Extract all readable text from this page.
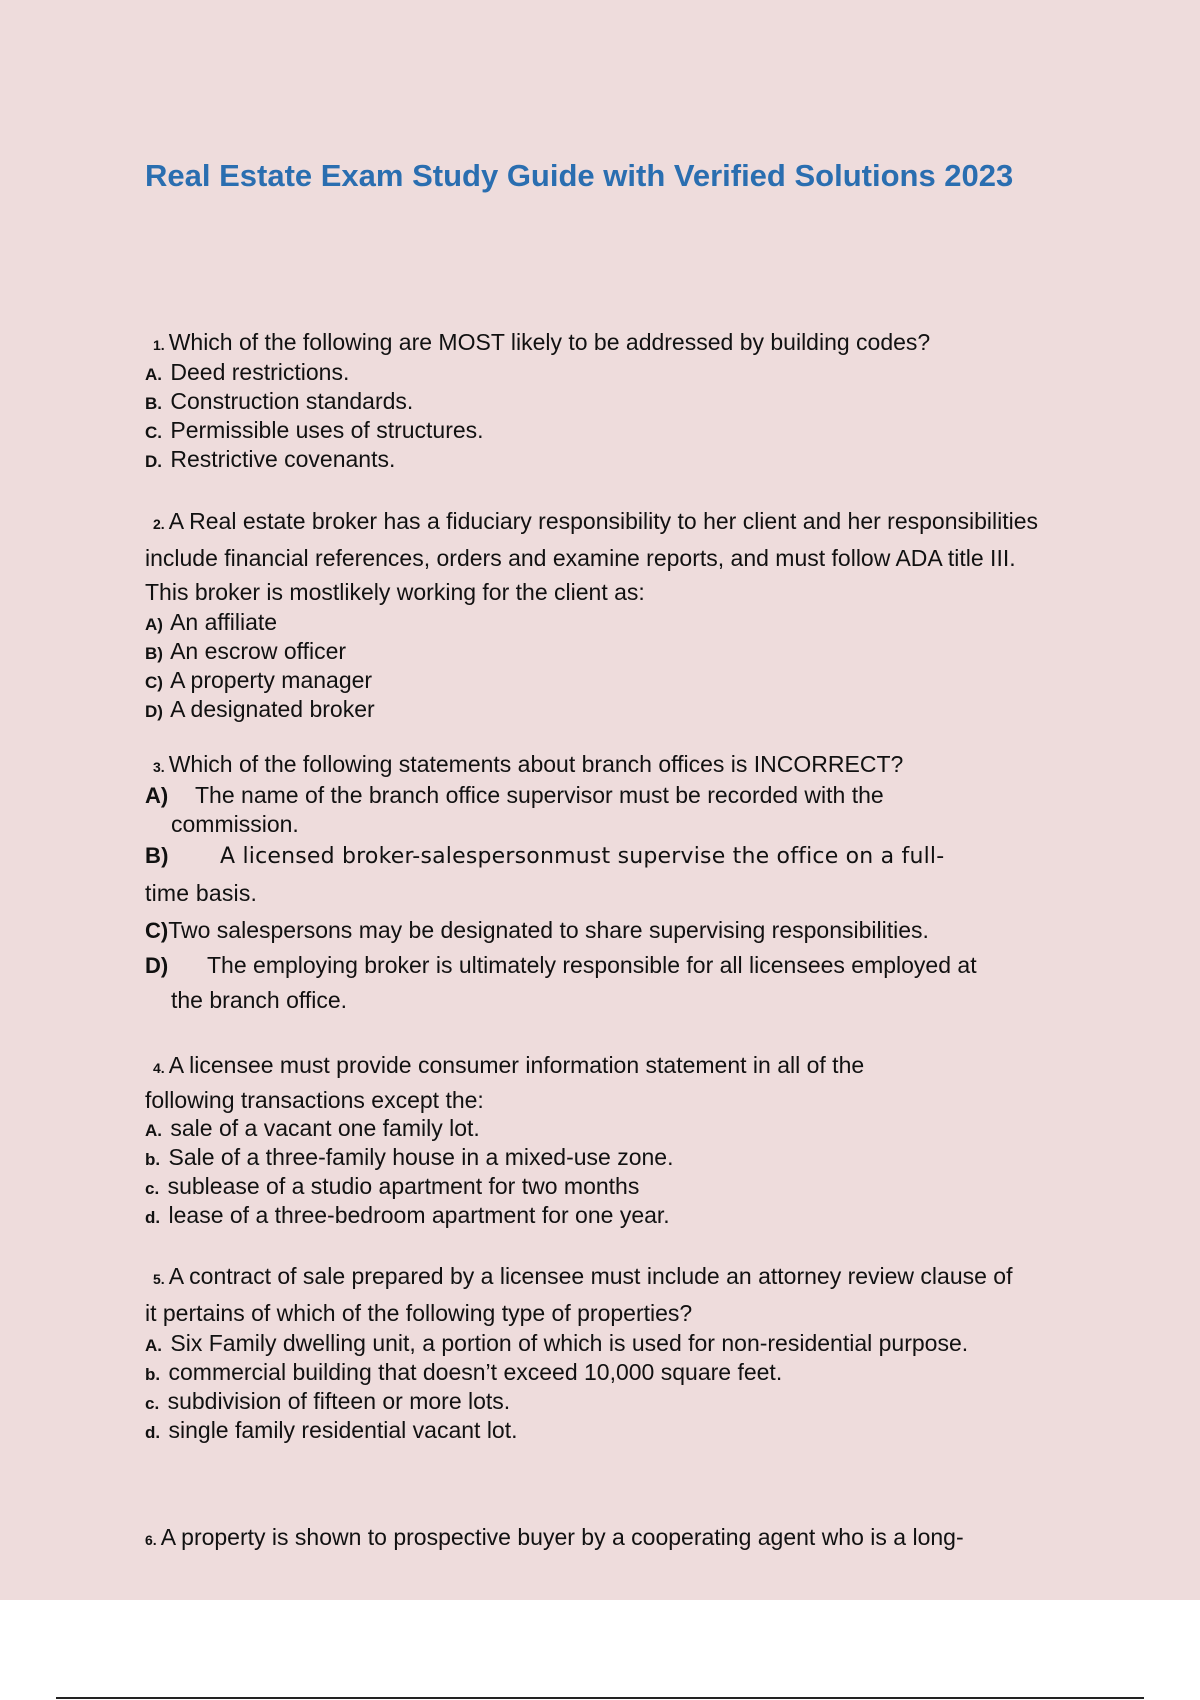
Real Estate Exam Study Guide with Verified Solutions 2023

1. Which of the following are MOST likely to be addressed by building codes?

A. Deed restrictions.

B. Construction standards.

C. Permissible uses of structures.

D. Restrictive covenants.

2. A Real estate broker has a fiduciary responsibility to her client and her responsibilities include financial references, orders and examine reports, and must follow ADA title III. This broker is mostlikely working for the client as:

A) An affiliate

B) An escrow officer

C) A property manager

D) A designated broker

3. Which of the following statements about branch offices is INCORRECT?

A) The name of the branch office supervisor must be recorded with the
commission.

B) A licensed broker-salespersonmust supervise the office on a full-
time basis.

C)Two salespersons may be designated to share supervising responsibilities.

D) The employing broker is ultimately responsible for all licensees employed at
the branch office.

4. A licensee must provide consumer information statement in all of the

following transactions except the:

A. sale of a vacant one family lot.

b. Sale of a three-family house in a mixed-use zone.

c. sublease of a studio apartment for two months

d. lease of a three-bedroom apartment for one year.

5. A contract of sale prepared by a licensee must include an attorney review clause of it pertains of which of the following type of properties?

A. Six Family dwelling unit, a portion of which is used for non-residential purpose.

b. commercial building that doesn’t exceed 10,000 square feet.

c. subdivision of fifteen or more lots.

d. single family residential vacant lot.

6. A property is shown to prospective buyer by a cooperating agent who is a long-
